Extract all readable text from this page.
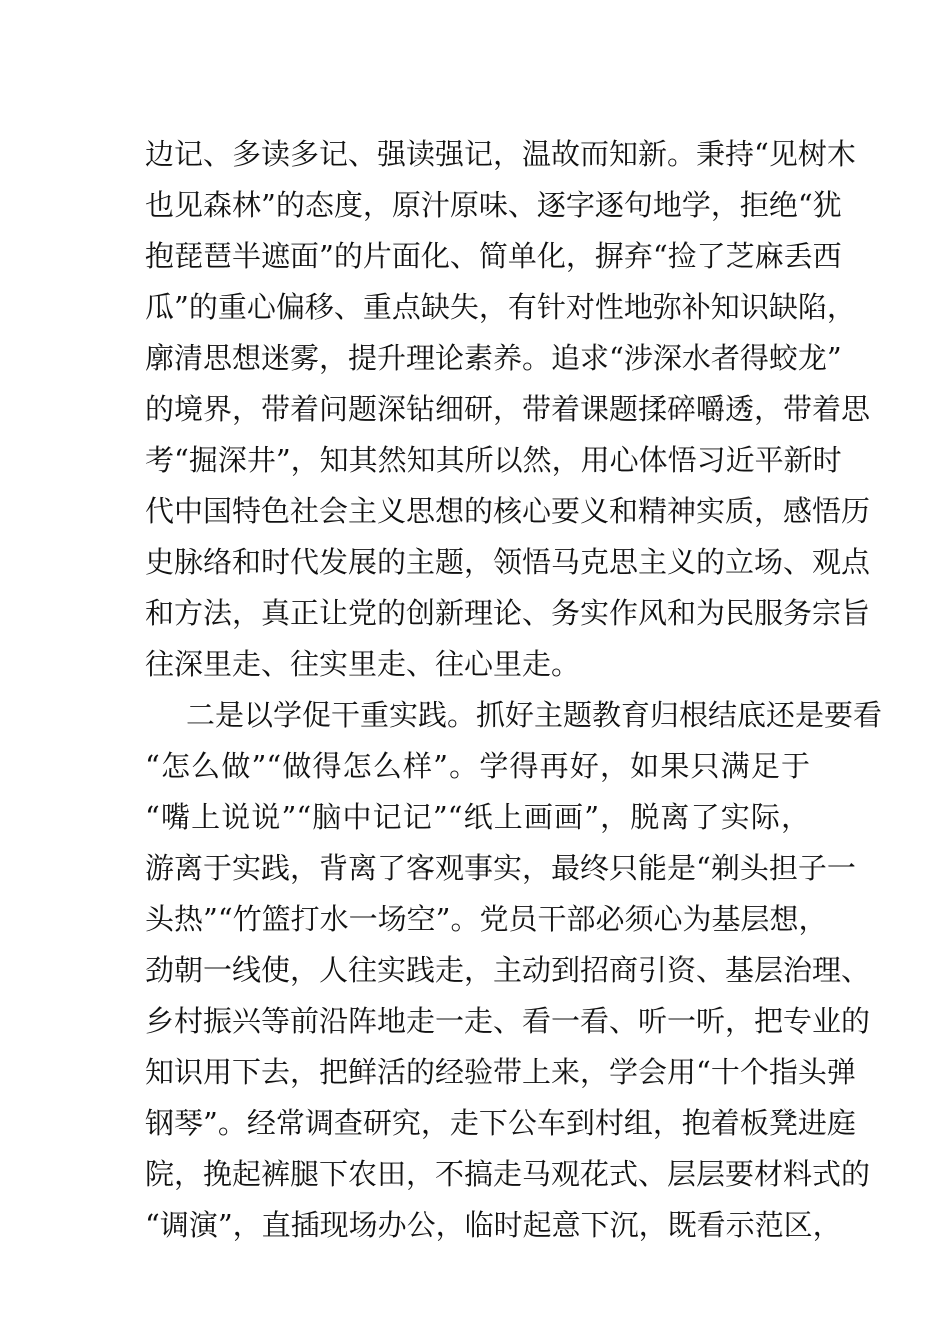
边记、多读多记、强读强记，温故而知新。秉持“见树木
也见森林”的态度，原汁原味、逐字逐句地学，拒绝“犹
抱琵琶半遮面”的片面化、简单化，摒弃“捡了芝麻丢西
瓜”的重心偏移、重点缺失，有针对性地弥补知识缺陷，
廓清思想迷雾，提升理论素养。追求“涉深水者得蛟龙”
的境界，带着问题深钻细研，带着课题揉碎嚼透，带着思
考“掘深井”，知其然知其所以然，用心体悟习近平新时
代中国特色社会主义思想的核心要义和精神实质，感悟历
史脉络和时代发展的主题，领悟马克思主义的立场、观点
和方法，真正让党的创新理论、务实作风和为民服务宗旨
往深里走、往实里走、往心里走。
二是以学促干重实践。抓好主题教育归根结底还是要看
“怎么做”“做得怎么样”。学得再好，如果只满足于
“嘴上说说”“脑中记记”“纸上画画”，脱离了实际，
游离于实践，背离了客观事实，最终只能是“剃头担子一
头热”“竹篮打水一场空”。党员干部必须心为基层想，
劲朝一线使，人往实践走，主动到招商引资、基层治理、
乡村振兴等前沿阵地走一走、看一看、听一听，把专业的
知识用下去，把鲜活的经验带上来，学会用“十个指头弹
钢琴”。经常调查研究，走下公车到村组，抱着板凳进庭
院，挽起裤腿下农田，不搞走马观花式、层层要材料式的
“调演”，直插现场办公，临时起意下沉，既看示范区，
